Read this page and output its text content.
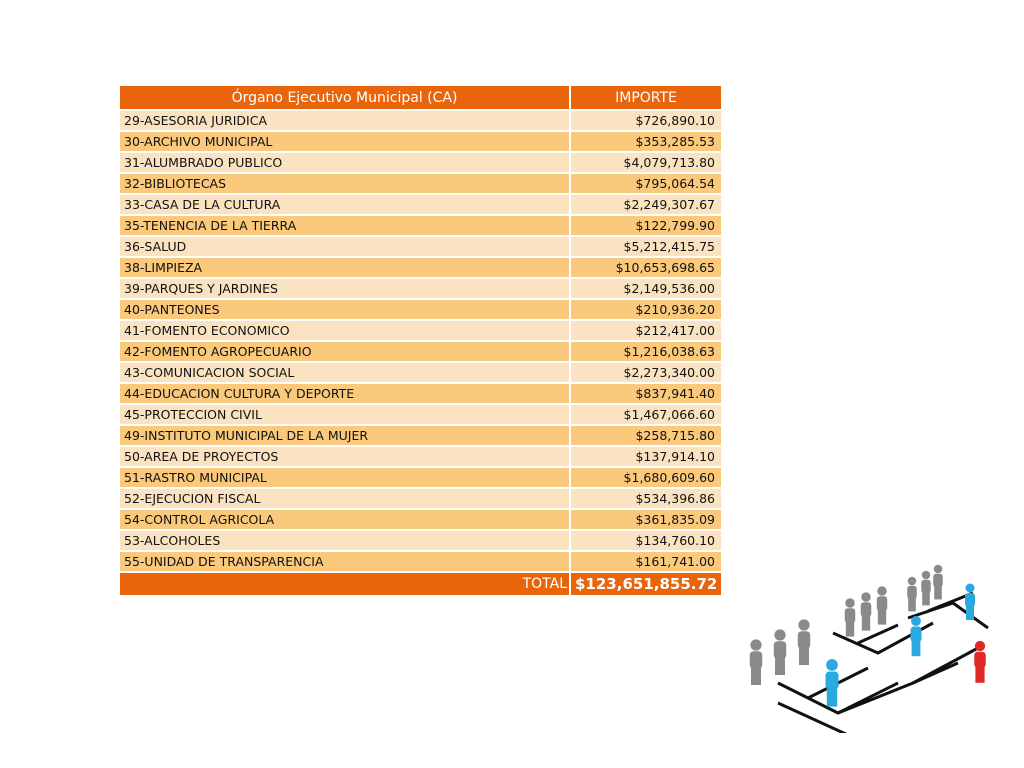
Órgano Ejecutivo Municipal (CA)	IMPORTE
29-ASESORIA JURIDICA	$726,890.10
30-ARCHIVO MUNICIPAL	$353,285.53
31-ALUMBRADO PUBLICO	$4,079,713.80
32-BIBLIOTECAS	$795,064.54
33-CASA DE LA CULTURA	$2,249,307.67
35-TENENCIA DE LA TIERRA	$122,799.90
36-SALUD	$5,212,415.75
38-LIMPIEZA	$10,653,698.65
39-PARQUES Y JARDINES	$2,149,536.00
40-PANTEONES	$210,936.20
41-FOMENTO ECONOMICO	$212,417.00
42-FOMENTO AGROPECUARIO	$1,216,038.63
43-COMUNICACION SOCIAL	$2,273,340.00
44-EDUCACION CULTURA Y DEPORTE	$837,941.40
45-PROTECCION CIVIL	$1,467,066.60
49-INSTITUTO MUNICIPAL DE LA MUJER	$258,715.80
50-AREA DE PROYECTOS	$137,914.10
51-RASTRO MUNICIPAL	$1,680,609.60
52-EJECUCION FISCAL	$534,396.86
54-CONTROL AGRICOLA	$361,835.09
53-ALCOHOLES	$134,760.10
55-UNIDAD DE TRANSPARENCIA	$161,741.00
TOTAL	$123,651,855.72
